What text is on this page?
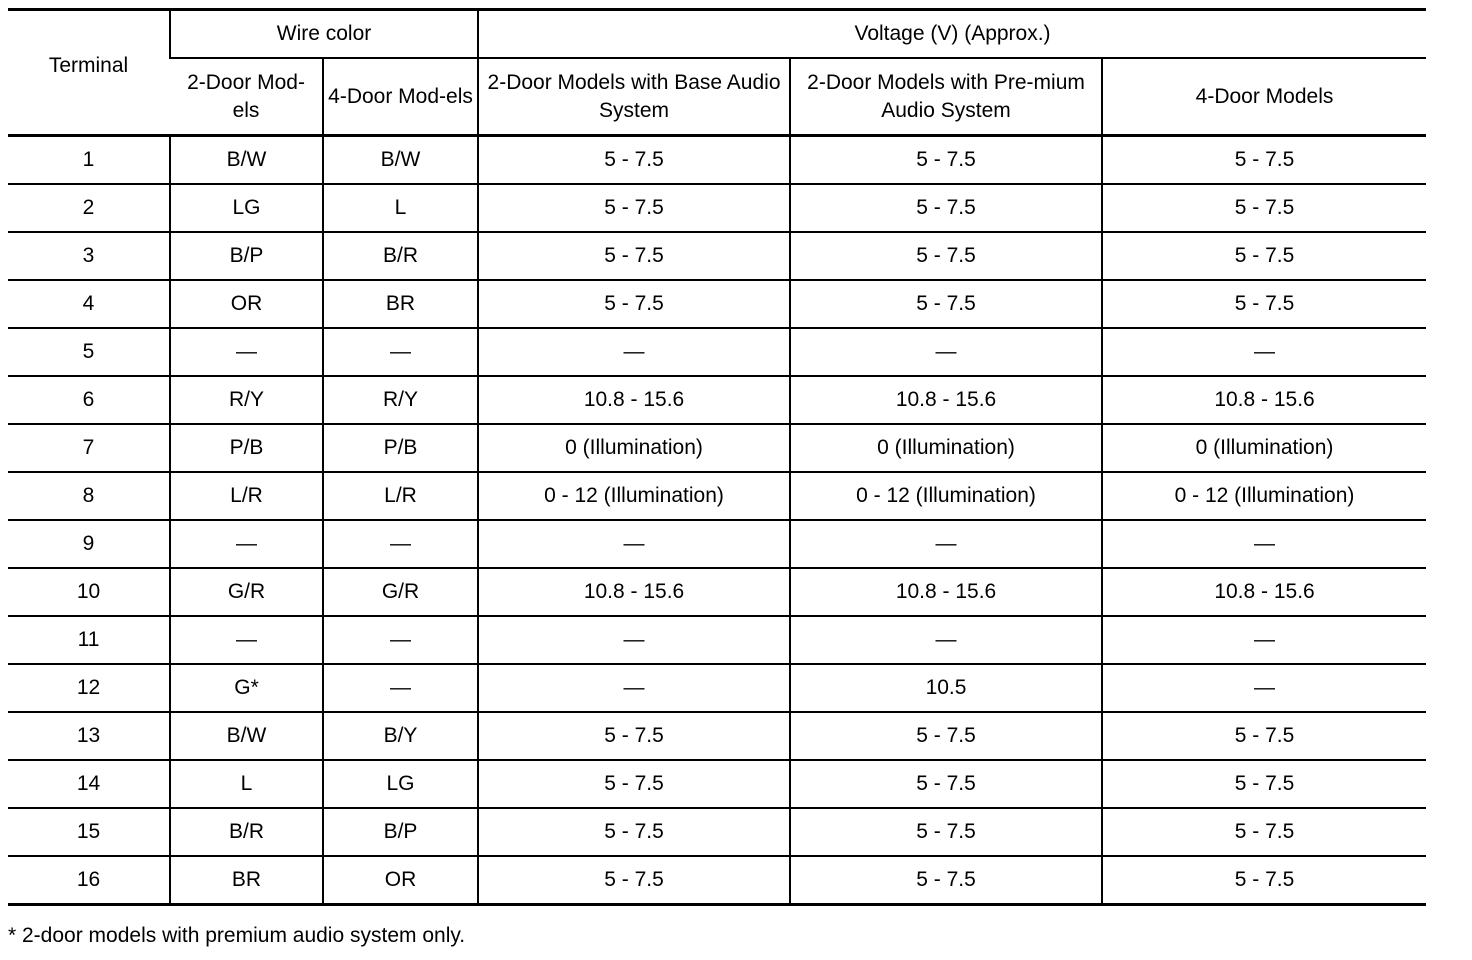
Terminal	Wire color		Voltage (V) (Approx.)		
	2-Door Mod-els	4-Door Mod-els	2-Door Models with Base Audio System	2-Door Models with Pre-mium Audio System	4-Door Models
1	B/W	B/W	5 - 7.5	5 - 7.5	5 - 7.5
2	LG	L	5 - 7.5	5 - 7.5	5 - 7.5
3	B/P	B/R	5 - 7.5	5 - 7.5	5 - 7.5
4	OR	BR	5 - 7.5	5 - 7.5	5 - 7.5
5	—	—	—	—	—
6	R/Y	R/Y	10.8 - 15.6	10.8 - 15.6	10.8 - 15.6
7	P/B	P/B	0 (Illumination)	0 (Illumination)	0 (Illumination)
8	L/R	L/R	0 - 12 (Illumination)	0 - 12 (Illumination)	0 - 12 (Illumination)
9	—	—	—	—	—
10	G/R	G/R	10.8 - 15.6	10.8 - 15.6	10.8 - 15.6
11	—	—	—	—	—
12	G*	—	—	10.5	—
13	B/W	B/Y	5 - 7.5	5 - 7.5	5 - 7.5
14	L	LG	5 - 7.5	5 - 7.5	5 - 7.5
15	B/R	B/P	5 - 7.5	5 - 7.5	5 - 7.5
16	BR	OR	5 - 7.5	5 - 7.5	5 - 7.5
* 2-door models with premium audio system only.
